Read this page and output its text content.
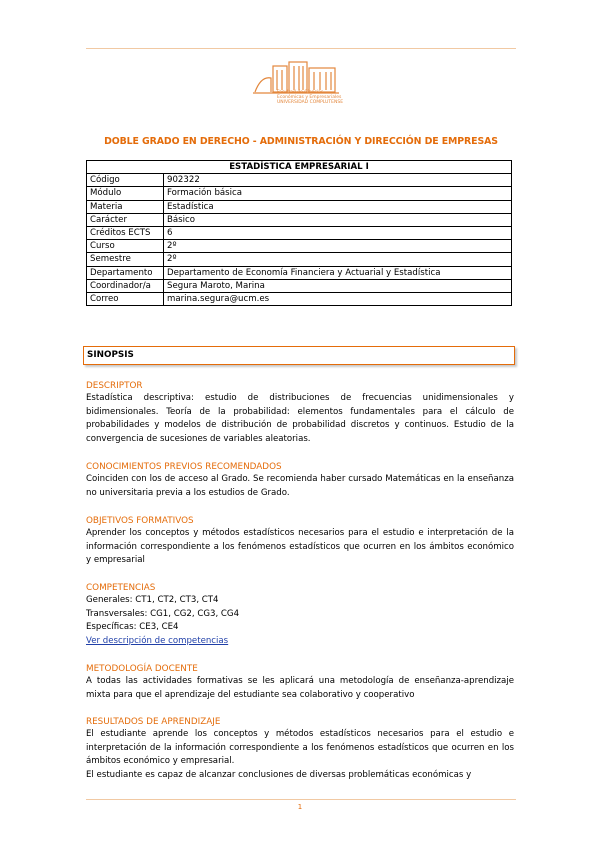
Facultad de Ciencias
Económicas y Empresariales
UNIVERSIDAD COMPLUTENSE
DOBLE GRADO EN DERECHO - ADMINISTRACIÓN Y DIRECCIÓN DE EMPRESAS
ESTADÍSTICA EMPRESARIAL I	
Código	902322
Módulo	Formación básica
Materia	Estadística
Carácter	Básico
Créditos ECTS	6
Curso	2º
Semestre	2º
Departamento	Departamento de Economía Financiera y Actuarial y Estadística
Coordinador/a	Segura Maroto, Marina
Correo	marina.segura@ucm.es
SINOPSIS
DESCRIPTOR

Estadística descriptiva: estudio de distribuciones de frecuencias unidimensionales y bidimensionales. Teoría de la probabilidad: elementos fundamentales para el cálculo de probabilidades y modelos de distribución de probabilidad discretos y continuos. Estudio de la convergencia de sucesiones de variables aleatorias.

CONOCIMIENTOS PREVIOS RECOMENDADOS

Coinciden con los de acceso al Grado. Se recomienda haber cursado Matemáticas en la enseñanza no universitaria previa a los estudios de Grado.

OBJETIVOS FORMATIVOS

Aprender los conceptos y métodos estadísticos necesarios para el estudio e interpretación de la información correspondiente a los fenómenos estadísticos que ocurren en los ámbitos económico y empresarial

COMPETENCIAS

Generales: CT1, CT2, CT3, CT4

Transversales: CG1, CG2, CG3, CG4

Específicas: CE3, CE4

Ver descripción de competencias

METODOLOGÍA DOCENTE

A todas las actividades formativas se les aplicará una metodología de enseñanza-aprendizaje mixta para que el aprendizaje del estudiante sea colaborativo y cooperativo

RESULTADOS DE APRENDIZAJE

El estudiante aprende los conceptos y métodos estadísticos necesarios para el estudio e interpretación de la información correspondiente a los fenómenos estadísticos que ocurren en los ámbitos económico y empresarial.

El estudiante es capaz de alcanzar conclusiones de diversas problemáticas económicas y

1
